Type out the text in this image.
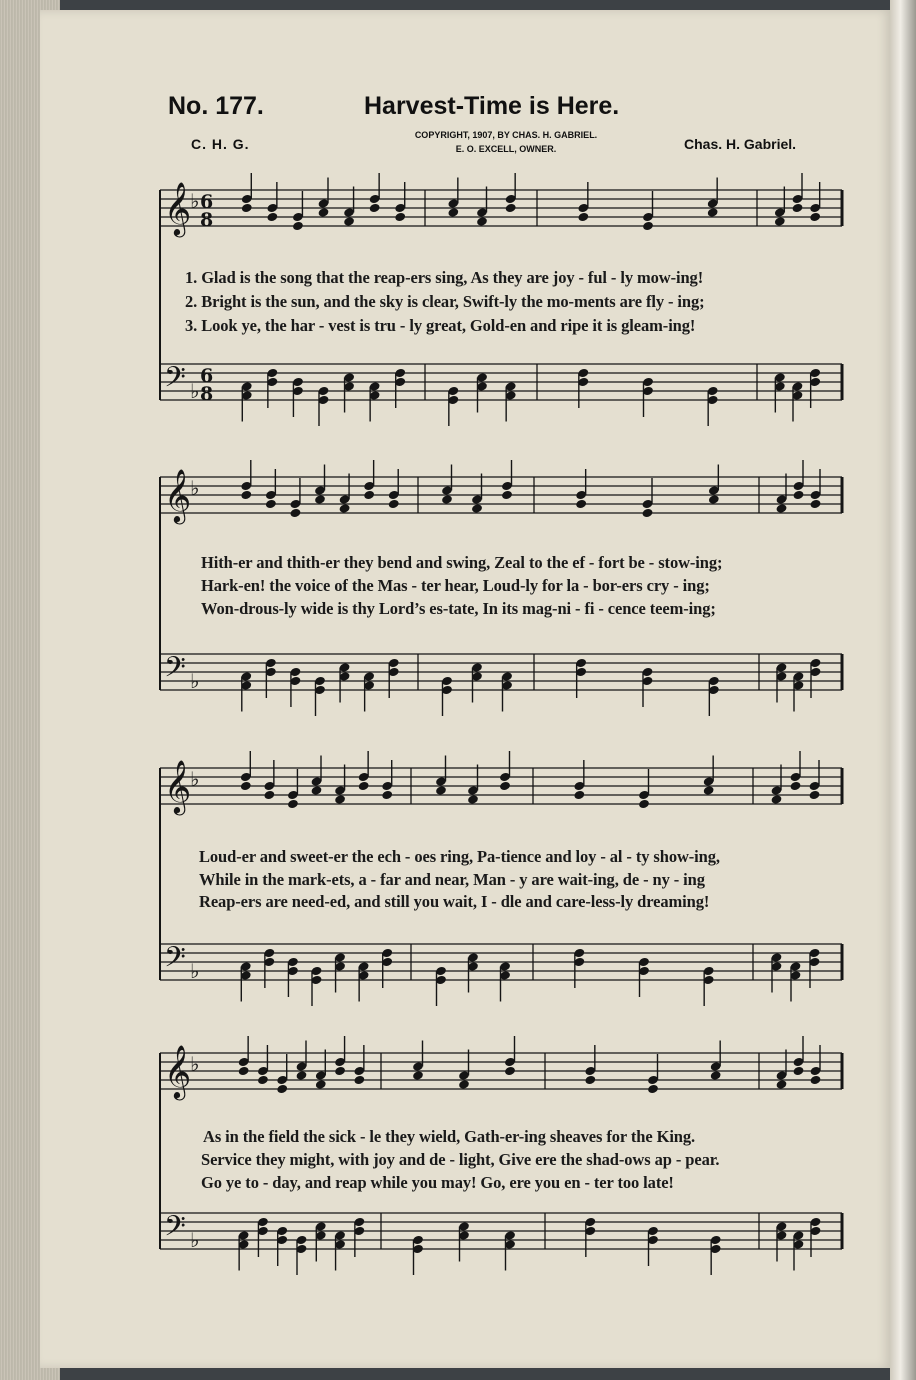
No. 177.	Harvest-Time is Here.
C. H. G.
COPYRIGHT, 1907, BY CHAS. H. GABRIEL.
E. O. EXCELL, OWNER.	Chas. H. Gabriel.
𝄞
♭
𝄢 ♭
6
8
6
8
𝄞
♭
𝄢 ♭
𝄞
♭
𝄢 ♭
𝄞
♭
𝄢 ♭
1. Glad is the song that the reap-ers sing, As they are joy - ful - ly mow-ing!
2. Bright is the sun, and the sky is clear, Swift-ly the mo-ments are fly - ing;
3. Look ye, the har - vest is tru - ly great, Gold-en and ripe it is gleam-ing!
Hith-er and thith-er they bend and swing, Zeal to the ef - fort be - stow-ing;
Hark-en! the voice of the Mas - ter hear, Loud-ly for la - bor-ers cry - ing;
Won-drous-ly wide is thy Lord’s es-tate, In its mag-ni - fi - cence teem-ing;
Loud-er and sweet-er the ech - oes ring, Pa-tience and loy - al - ty show-ing,
While in the mark-ets, a - far and near, Man - y are wait-ing, de - ny - ing
Reap-ers are need-ed, and still you wait, I - dle and care-less-ly dreaming!
As in the field the sick - le they wield, Gath-er-ing sheaves for the King.
Service they might, with joy and de - light, Give ere the shad-ows ap - pear.
Go ye to - day, and reap while you may! Go, ere you en - ter too late!
